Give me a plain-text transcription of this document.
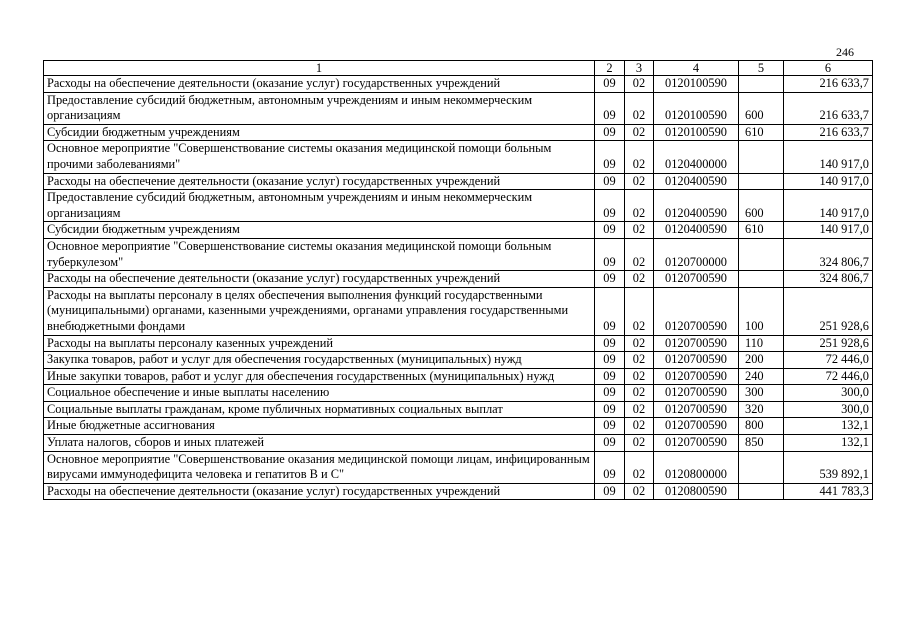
246
1	2	3	4	5	6
Расходы на обеспечение деятельности (оказание услуг) государственных учреждений	09	02	0120100590		216 633,7
Предоставление субсидий бюджетным, автономным учреждениям и иным некоммерческим организациям	09	02	0120100590	600	216 633,7
Субсидии бюджетным учреждениям	09	02	0120100590	610	216 633,7
Основное мероприятие "Совершенствование системы оказания медицинской помощи больным прочими заболеваниями"	09	02	0120400000		140 917,0
Расходы на обеспечение деятельности (оказание услуг) государственных учреждений	09	02	0120400590		140 917,0
Предоставление субсидий бюджетным, автономным учреждениям и иным некоммерческим организациям	09	02	0120400590	600	140 917,0
Субсидии бюджетным учреждениям	09	02	0120400590	610	140 917,0
Основное мероприятие "Совершенствование системы оказания медицинской помощи больным туберкулезом"	09	02	0120700000		324 806,7
Расходы на обеспечение деятельности (оказание услуг) государственных учреждений	09	02	0120700590		324 806,7
Расходы на выплаты персоналу в целях обеспечения выполнения функций государственными (муниципальными) органами, казенными учреждениями, органами управления государственными внебюджетными фондами	09	02	0120700590	100	251 928,6
Расходы на выплаты персоналу казенных учреждений	09	02	0120700590	110	251 928,6
Закупка товаров, работ и услуг для обеспечения государственных (муниципальных) нужд	09	02	0120700590	200	72 446,0
Иные закупки товаров, работ и услуг для обеспечения государственных (муниципальных) нужд	09	02	0120700590	240	72 446,0
Социальное обеспечение и иные выплаты населению	09	02	0120700590	300	300,0
Социальные выплаты гражданам, кроме публичных нормативных социальных выплат	09	02	0120700590	320	300,0
Иные бюджетные ассигнования	09	02	0120700590	800	132,1
Уплата налогов, сборов и иных платежей	09	02	0120700590	850	132,1
Основное мероприятие "Совершенствование оказания медицинской помощи лицам, инфицированным вирусами иммунодефицита человека и гепатитов В и С"	09	02	0120800000		539 892,1
Расходы на обеспечение деятельности (оказание услуг) государственных учреждений	09	02	0120800590		441 783,3
